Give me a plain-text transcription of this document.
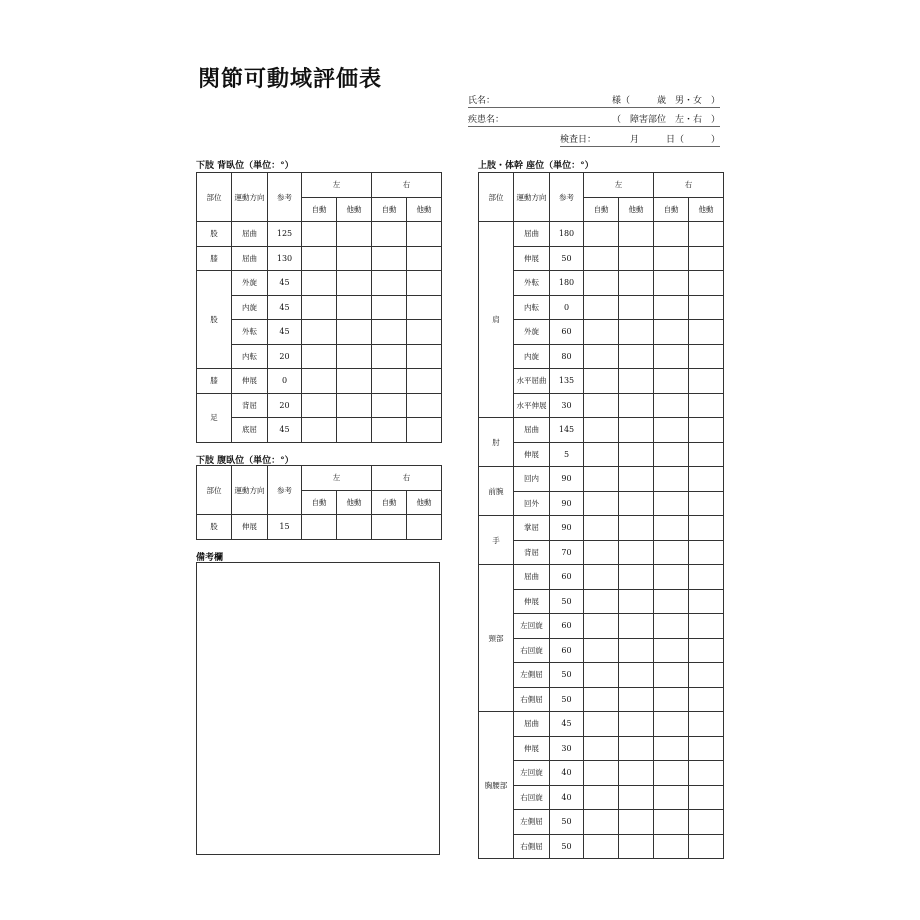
関節可動域評価表
氏名：	様（　　　歳　男・女　）
疾患名：	（　障害部位　左・右　）
検査日：	月　　　日（　　　）
下肢 背臥位（単位：°）
部位	運動方向	参考	左		右	
			自動	他動	自動	他動
股	屈曲	125				
膝	屈曲	130				
股	外旋	45				
	内旋	45				
	外転	45				
	内転	20				
膝	伸展	0				
足	背屈	20				
	底屈	45				
下肢 腹臥位（単位：°）
部位	運動方向	参考	左		右	
			自動	他動	自動	他動
股	伸展	15				
備考欄
上肢・体幹 座位（単位：°）
部位	運動方向	参考	左		右	
			自動	他動	自動	他動
肩	屈曲	180				
	伸展	50				
	外転	180				
	内転	0				
	外旋	60				
	内旋	80				
	水平屈曲	135				
	水平伸展	30				
肘	屈曲	145				
	伸展	5				
前腕	回内	90				
	回外	90				
手	掌屈	90				
	背屈	70				
頸部	屈曲	60				
	伸展	50				
	左回旋	60				
	右回旋	60				
	左側屈	50				
	右側屈	50				
胸腰部	屈曲	45				
	伸展	30				
	左回旋	40				
	右回旋	40				
	左側屈	50				
	右側屈	50				
